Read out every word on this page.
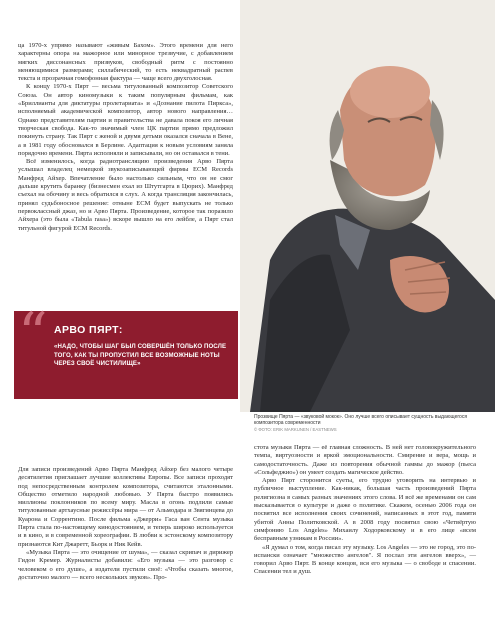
ца 1970-х упрямо называют «живым Бахом». Этого времени для него характерны опора на мажорное или минорное трезвучие, с добавлением мягких диссонансных призвуков, свободный ритм с постоянно меняющимися размерами; силлабический, то есть неквадратный распев текста и прозрачная гомофонная фактура — чаще всего двухголосная.

К концу 1970-х Пярт — весьма титулованный композитор Советского Союза. Он автор киномузыки к таким популярным фильмам, как «Бриллианты для диктатуры пролетариата» и «Дознание пилота Пиркса», исполняемый академической композитор, автор нового направления… Однако представителям партии и правительства не давала покоя его личная творческая свобода. Как-то значимый член ЦК партии прямо предложил покинуть страну. Так Пярт с женой и двумя детьми оказался сначала в Вене, а в 1981 году обосновался в Берлине. Адаптация к новым условиям заняла порядочно времени. Пярта исполняли и записывали, но он оставался в тени.

Всё изменилось, когда радиотрансляцию произведения Арво Пярта услышал владелец немецкой звукозаписывающей фирмы ECM Records Манфред Айхер. Впечатление было настолько сильным, что он не смог дальше крутить баранку (бизнесмен ехал из Штутгарта в Цюрих). Манфред съехал на обочину и весь обратился в слух. А когда трансляция закончилась, принял судьбоносное решение: отныне ECM будет выпускать не только первоклассный джаз, но и Арво Пярта. Произведение, которое так поразило Айхера (это была «Tabula rasa») вскоре вышло на его лейбле, а Пярт стал титульной фигурой ECM Records.

“ АРВО ПЯРТ:
«НАДО, ЧТОБЫ ШАГ БЫЛ СОВЕРШЁН ТОЛЬКО ПОСЛЕ ТОГО, КАК ТЫ ПРОПУСТИЛ ВСЕ ВОЗМОЖНЫЕ НОТЫ ЧЕРЕЗ СВОЁ ЧИСТИЛИЩЕ»
Прозвище Пярта — «звуковой мокок». Оно лучше всего описывает сущность выдающегося композитора современности
© ФОТО: ERIK MARKUNEN / EASTNEWS

Для записи произведений Арво Пярта Манфред Айхер без малого четыре десятилетия приглашает лучшие коллективы Европы. Все записи проходят под непосредственным контролем композитора, считаются эталонными. Общество отметило народной любовью. У Пярта быстро появились миллионы поклонников по всему миру. Масла в огонь подлили самые титулованные артхаусные режиссёры мира — от Альмодара и Звягинцева до Куарона и Соррентино. После фильма «Джерри» Гаса ван Сента музыка Пярта стала по-настоящему кинодостоянием, и теперь широко используется и в кино, и в современной хореографии. В любви к эстонскому композитору признаются Кит Джаретт, Бьорк и Ник Кейв.

«Музыка Пярта — это очищение от шума», — сказал скрипач и дирижер Гидон Кремер. Журналисты добавили: «Его музыка — это разговор с человеком о его душе», а издатели пустили своё: «Чтобы сказать многое, достаточно малого — всего нескольких звуков». Про-

стота музыки Пярта — её главная сложность. В ней нет головокружительного темпа, виртуозности и яркой эмоциональности. Смирение и вера, мощь и самодостаточность. Даже из повторения обычной гаммы до мажор (пьеса «Сольфеджио») он умеет создать магическое действо.

Арво Пярт сторонится суеты, его трудно уговорить на интервью и публичное выступление. Как-никак, большая часть произведений Пярта религиозна в самых разных значениях этого слова. И всё же временами он сам высказывается о культуре и даже о политике. Скажем, осенью 2006 года он посвятил все исполнения своих сочинений, написанных в этот год, памяти убитой Анны Политковской. А в 2008 году посвятил свою «Четвёртую симфонию Los Angeles» Михаилу Ходорковскому и в его лице «всем бесправным узникам в России».

«Я думал о том, когда писал эту музыку. Los Angeles — это не город, это по-испански означает "множество ангелов". Я послал эти ангелов вверх», — говорил Арво Пярт. В конце концов, вся его музыка — о свободе и спасении. Спасении тел и душ.
